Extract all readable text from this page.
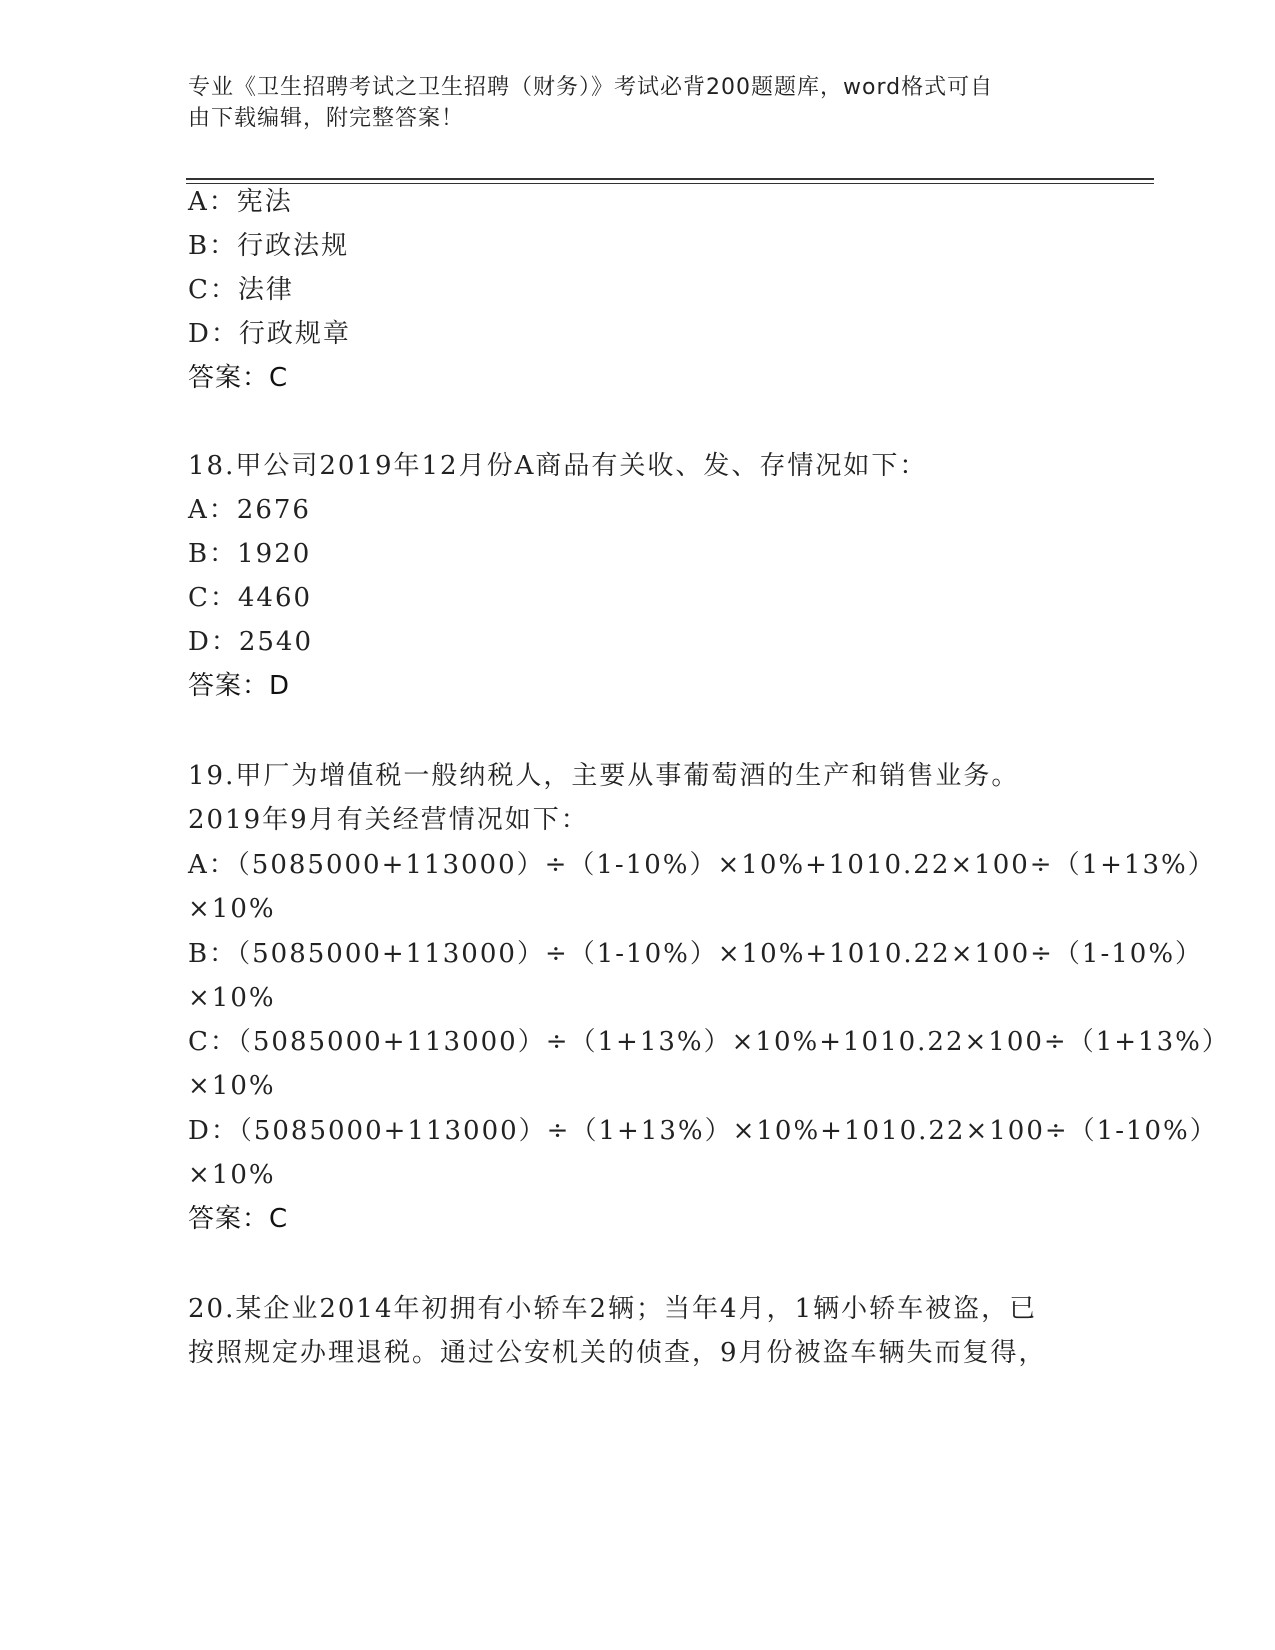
专业《卫生招聘考试之卫生招聘（财务）》考试必背200题题库，word格式可自
由下载编辑，附完整答案！
A：宪法
B：行政法规
C：法律
D：行政规章
答案：C
18.甲公司2019年12月份A商品有关收、发、存情况如下：
A：2676
B：1920
C：4460
D：2540
答案：D
19.甲厂为增值税一般纳税人，主要从事葡萄酒的生产和销售业务。
2019年9月有关经营情况如下：
A：（5085000+113000）÷（1-10%）×10%+1010.22×100÷（1+13%）
×10%
B：（5085000+113000）÷（1-10%）×10%+1010.22×100÷（1-10%）
×10%
C：（5085000+113000）÷（1+13%）×10%+1010.22×100÷（1+13%）
×10%
D：（5085000+113000）÷（1+13%）×10%+1010.22×100÷（1-10%）
×10%
答案：C
20.某企业2014年初拥有小轿车2辆；当年4月，1辆小轿车被盗，已
按照规定办理退税。通过公安机关的侦查，9月份被盗车辆失而复得，
